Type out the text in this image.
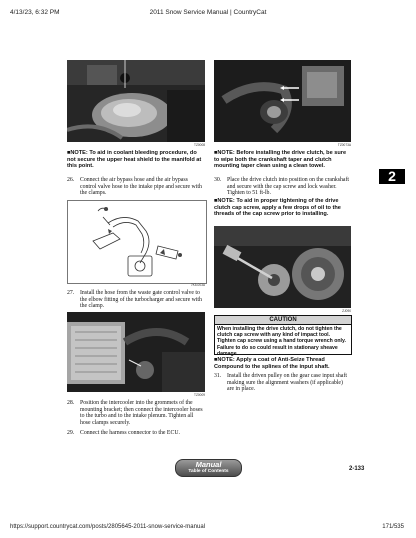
4/13/23, 6:32 PM	2011 Snow Service Manual | CountryCat
TZ0008
■NOTE: To aid in coolant bleeding procedure, do not secure the upper heat shield to the manifold at this point.
26. Connect the air bypass hose and the air bypass control valve hose to the intake pipe and secure with the clamps.
7K5-003A
27. Install the hose from the waste gate control valve to the elbow fitting of the turbocharger and secure with the clamp.
TZ0009
28. Position the intercooler into the grommets of the mounting bracket; then connect the intercooler hoses to the turbo and to the intake plenum. Tighten all hose clamps securely.
29. Connect the harness connector to the ECU.
TZ0073A
■NOTE: Before installing the drive clutch, be sure to wipe both the crankshaft taper and clutch mounting taper clean using a clean towel.
30. Place the drive clutch into position on the crankshaft and secure with the cap screw and lock washer. Tighten to 51 ft-lb.
■NOTE: To aid in proper tightening of the drive clutch cap screw, apply a few drops of oil to the threads of the cap screw prior to installing.
2
ZJ090
CAUTION
When installing the drive clutch, do not tighten the clutch cap screw with any kind of impact tool. Tighten cap screw using a hand torque wrench only. Failure to do so could result in stationary sheave damage.
■NOTE: Apply a coat of Anti-Seize Thread Compound to the splines of the input shaft.
31. Install the driven pulley on the gear case input shaft making sure the alignment washers (if applicable) are in place.
Manual
Table of Contents	2-133
https://support.countrycat.com/posts/2805645-2011-snow-service-manual	171/535
